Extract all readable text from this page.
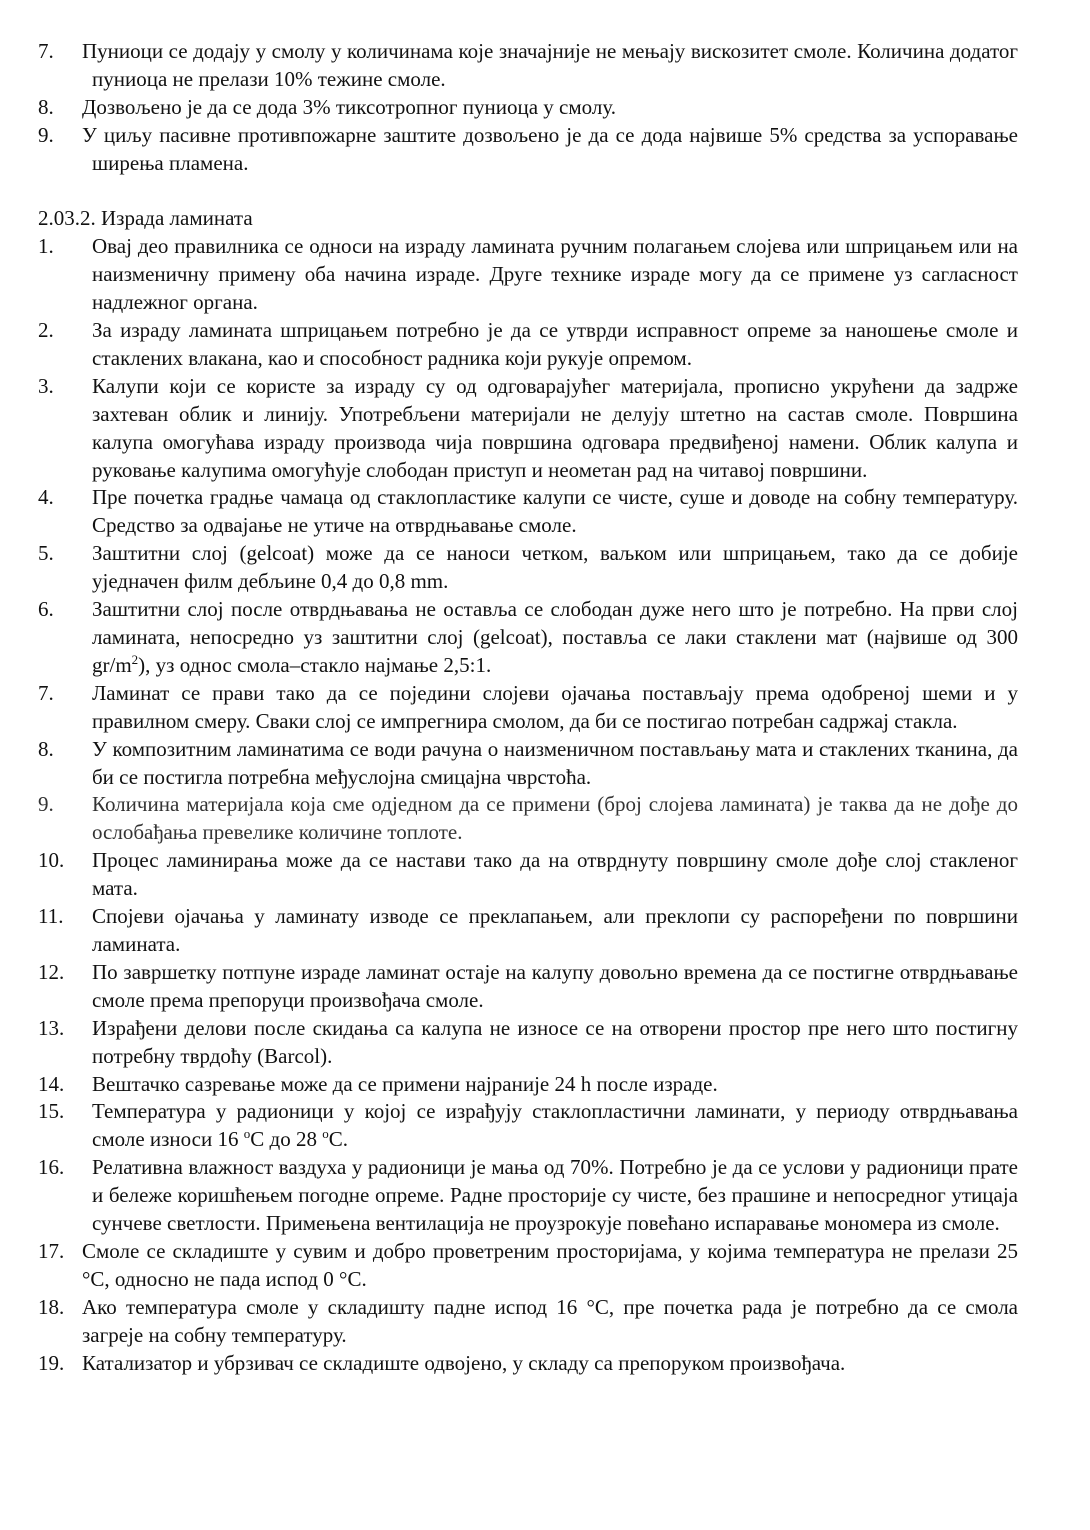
7.	Пуниоци се додају у смолу у количинама које значајније не мењају вискозитет смоле. Количина додатог пуниоца не прелази 10% тежине смоле.
8.	Дозвољено је да се дода 3% тиксотропног пуниоца у смолу.
9.	У циљу пасивне противпожарне заштите дозвољено је да се дода највише 5% средства за успоравање ширења пламена.
2.03.2. Израда ламината
1.	Овај део правилника се односи на израду ламината ручним полагањем слојева или шприцањем или на наизменичну примену оба начина израде. Друге технике израде могу да се примене уз сагласност надлежног органа.
2.	За израду ламината шприцањем потребно је да се утврди исправност опреме за наношење смоле и стаклених влакана, као и способност радника који рукује опремом.
3.	Калупи који се користе за израду су од одговарајућег материјала, прописно укрућени да задрже захтеван облик и линију. Употребљени материјали не делују штетно на састав смоле. Површина калупа омогућава израду производа чија површина одговара предвиђеној намени. Облик калупа и руковање калупима омогућује слободан приступ и неометан рад на читавој површини.
4.	Пре почетка градње чамаца од стаклопластике калупи се чисте, суше и доводе на собну температуру. Средство за одвајање не утиче на отврдњавање смоле.
5.	Заштитни слој (gelcoat) може да се наноси четком, ваљком или шприцањем, тако да се добије уједначен филм дебљине 0,4 до 0,8 mm.
6.	Заштитни слој после отврдњавања не оставља се слободан дуже него што је потребно. На први слој ламината, непосредно уз заштитни слој (gelcoat), поставља се лаки стаклени мат (највише од 300 $gr/m^2$), уз однос смола–стакло најмање 2,5:1.
7.	Ламинат се прави тако да се поједини слојеви ојачања постављају према одобреној шеми и у правилном смеру. Сваки слој се импрегнира смолом, да би се постигао потребан садржај стакла.
8.	У композитним ламинатима се води рачуна о наизменичном постављању мата и стаклених тканина, да би се постигла потребна међуслојна смицајна чврстоћа.
9.	Количина материјала која сме одједном да се примени (број слојева ламината) је таква да не дође до ослобађања превелике количине топлоте.
10.	Процес ламинирања може да се настави тако да на отврднуту површину смоле дође слој стакленог мата.
11.	Спојеви ојачања у ламинату изводе се преклапањем, али преклопи су распоређени по површини ламината.
12.	По завршетку потпуне израде ламинат остаје на калупу довољно времена да се постигне отврдњавање смоле према препоруци произвођача смоле.
13.	Израђени делови после скидања са калупа не износе се на отворени простор пре него што постигну потребну тврдоћу (Barcol).
14.	Вештачко сазревање може да се примени најраније 24 h после израде.
15.	Температура у радионици у којој се израђују стаклопластични ламинати, у периоду отврдњавања смоле износи 16 $^o$C до 28 $^o$C.
16.	Релативна влажност ваздуха у радионици је мања од 70%. Потребно је да се услови у радионици прате и бележе коришћењем погодне опреме. Радне просторије су чисте, без прашине и непосредног утицаја сунчеве светлости. Примењена вентилација не проузрокује повећано испаравање мономера из смоле.
17. Смоле се складиште у сувим и добро проветреним просторијама, у којима температура не прелази 25 °C, односно не пада испод 0 °C.
18. Ако температура смоле у складишту падне испод 16 °C, пре почетка рада је потребно да се смола загреје на собну температуру.
19. Катализатор и убрзивач се складиште одвојено, у складу са препоруком произвођача.
